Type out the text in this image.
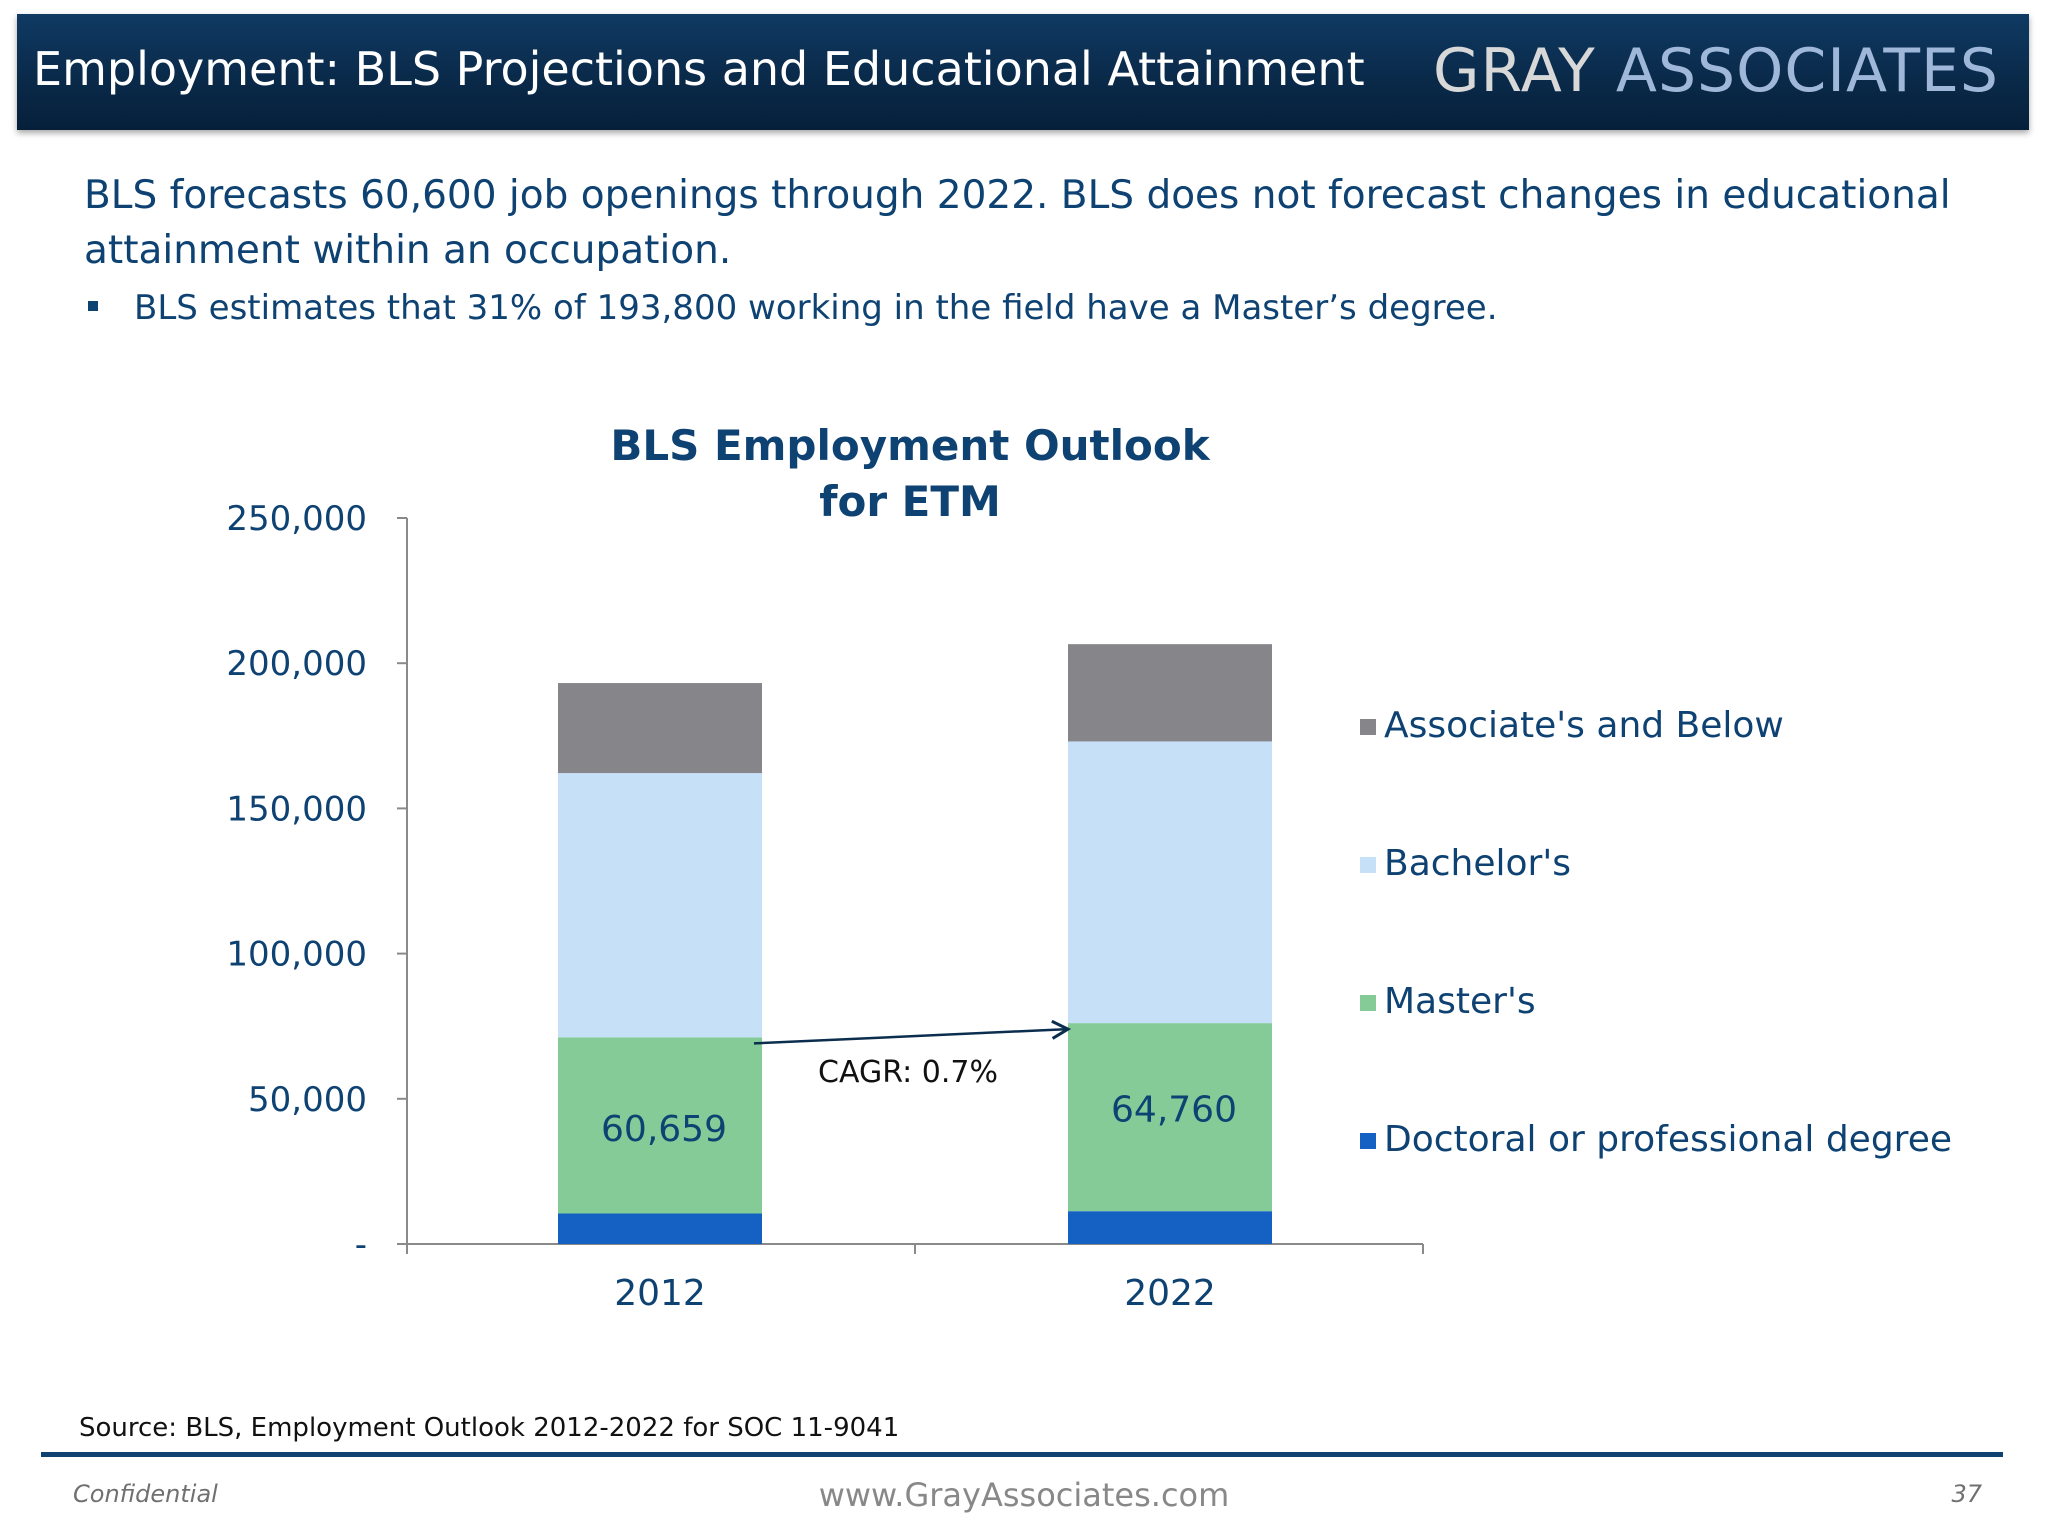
Employment: BLS Projections and Educational Attainment GRAY ASSOCIATES
BLS forecasts 60,600 job openings through 2022. BLS does not forecast changes in educational attainment within an occupation.
BLS estimates that 31% of 193,800 working in the field have a Master’s degree.
BLS Employment Outlook
for ETM
-
50,000
100,000
150,000
200,000
250,000
2012	2022
60,659	64,760
CAGR: 0.7%
Associate's and Below
Bachelor's
Master's
Doctoral or professional degree
Source: BLS, Employment Outlook 2012-2022 for SOC 11-9041
Confidential	www.GrayAssociates.com	37
